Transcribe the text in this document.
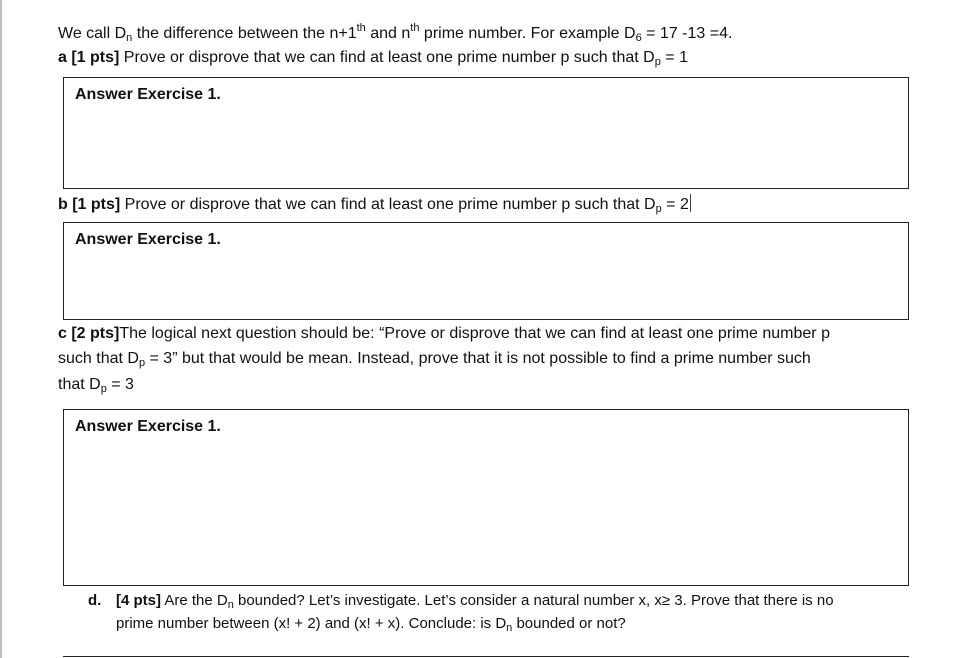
We call $D_n$ the difference between the n+1th and $n^{th}$ prime number. For example $D_6 = 17$ -13 =4.
a [1 pts] Prove or disprove that we can find at least one prime number p such that $D_p = 1$
Answer Exercise 1.
b [1 pts] Prove or disprove that we can find at least one prime number p such that $D_p = 2$
Answer Exercise 1.
c [2 pts]The logical next question should be: “Prove or disprove that we can find at least one prime number p
such that $D_p = 3$” but that would be mean. Instead, prove that it is not possible to find a prime number such
that $D_p = 3$
Answer Exercise 1.
d. [4 pts] Are the $D_n$ bounded? Let’s investigate. Let’s consider a natural number x, x≥ 3. Prove that there is no
prime number between (x! + 2) and (x! + x). Conclude: is $D_n$ bounded or not?
